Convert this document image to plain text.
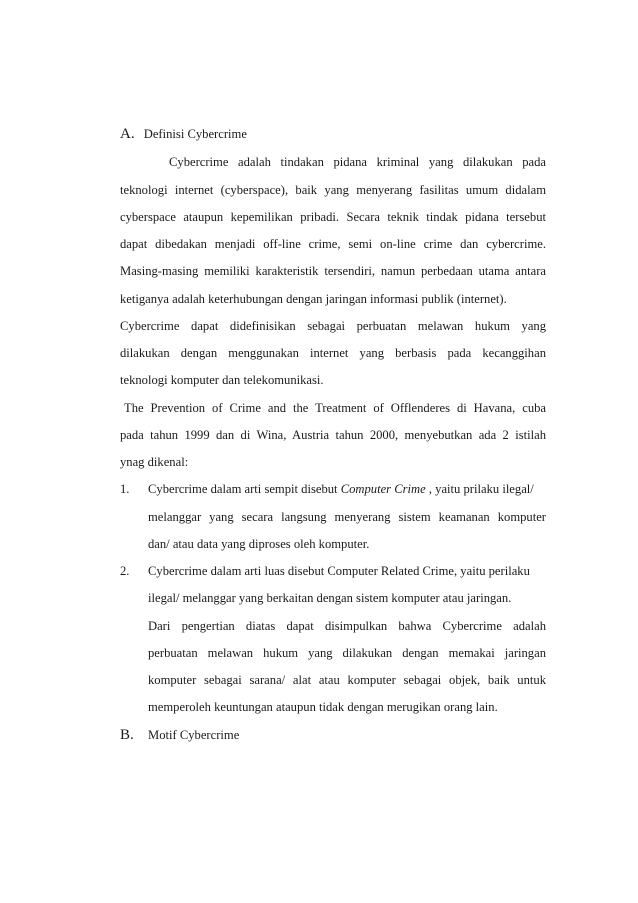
A. Definisi Cybercrime
Cybercrime adalah tindakan pidana kriminal yang dilakukan pada
teknologi internet (cyberspace), baik yang menyerang fasilitas umum didalam
cyberspace ataupun kepemilikan pribadi. Secara teknik tindak pidana tersebut
dapat dibedakan menjadi off-line crime, semi on-line crime dan cybercrime.
Masing-masing memiliki karakteristik tersendiri, namun perbedaan utama antara
ketiganya adalah keterhubungan dengan jaringan informasi publik (internet).
Cybercrime dapat didefinisikan sebagai perbuatan melawan hukum yang
dilakukan dengan menggunakan internet yang berbasis pada kecanggihan
teknologi komputer dan telekomunikasi.
The Prevention of Crime and the Treatment of Offlenderes di Havana, cuba
pada tahun 1999 dan di Wina, Austria tahun 2000, menyebutkan ada 2 istilah
ynag dikenal:
1. Cybercrime dalam arti sempit disebut Computer Crime , yaitu prilaku ilegal/
melanggar yang secara langsung menyerang sistem keamanan komputer
dan/ atau data yang diproses oleh komputer.
2. Cybercrime dalam arti luas disebut Computer Related Crime, yaitu perilaku
ilegal/ melanggar yang berkaitan dengan sistem komputer atau jaringan.
Dari pengertian diatas dapat disimpulkan bahwa Cybercrime adalah
perbuatan melawan hukum yang dilakukan dengan memakai jaringan
komputer sebagai sarana/ alat atau komputer sebagai objek, baik untuk
memperoleh keuntungan ataupun tidak dengan merugikan orang lain.
B. Motif Cybercrime
